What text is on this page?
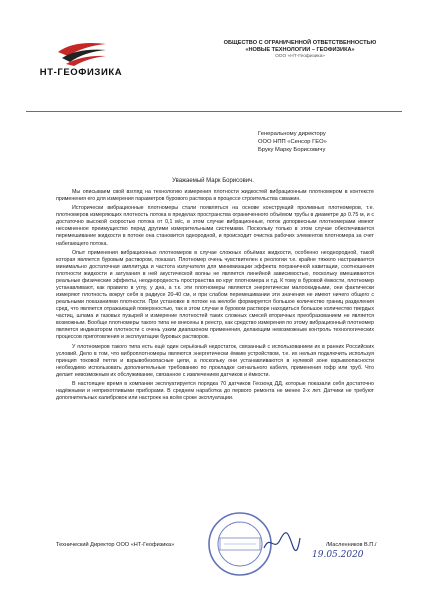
НТ-ГЕОФИЗИКА
ОБЩЕСТВО С ОГРАНИЧЕННОЙ ОТВЕТСТВЕННОСТЬЮ
«НОВЫЕ ТЕХНОЛОГИИ – ГЕОФИЗИКА»
ООО «НТ-Геофизика»
Генеральному директору
ООО НПП «Сенсор ГЕО»
Бруку Марку Борисовичу
Уважаемый Марк Борисович.

Мы описываем свой взгляд на технологию измерения плотности жидкостей вибрационным плотномером в контексте применения его для измерения параметров бурового раствора в процессе строительства скважин.

Исторически вибрационные плотномеры стали появляться на основе конструкций проливных плотномеров, т.е. плотномеров измеряющих плотность потока в пределах пространства ограниченного объёмом трубы в диаметре до 0.75 м, и с достаточно высокой скоростью потока от 0,1 м/с, в этом случае вибрационные, поток допорвесным плотномерами имеют несомненное преимущество перед другими измерительными системами. Поскольку только в этом случае обеспечивается перемешивание жидкости в потоке она становится однородной, и происходит очистка рабочих элементов плотномера за счет набегающего потока.

Опыт применения вибрационных плотномеров в случае сложных объёмах жидкости, особенно неоднородной, такой которая является буровым раствором, показал. Плотномер очень чувствителен к реологии т.е. крайне тяжело настраивается минимально достаточная амплитуда и частота излучателя для минимизации эффекта пограничной кавитации, соотношения плотности жидкости и затухания в ней акустической волны не является линейной зависимостью, поскольку вмешиваются реальные физические эффекты, неоднородность пространства во круг плотномера и т.д. К тому в буровой ёмкости, плотномер устанавливают, как правило в углу, у дна, а т.к. эти плотномеры являются энергетически малоохидными, они фактически измеряют плотность вокруг себя в радиусе 20-40 см, и при слабом перемешивании эти значения не имеют ничего общего с реальными показаниями плотности. При установке в потоке на желобе формируется большое количество границ разделения сред, что является отражающей поверхностью, так в этом случае в буровом растворе находиться большое количество твердых частиц, шлама и газовых пузырей и измерение плотностей таких сложных смесей вторичных преобразованием не является возможным. Вообще плотномеры такого типа не внесены в реестр, как средство измерения по этому вибрационный плотномер является индикатором плотности с очень узким диапазоном применения, делающим невозможным контроль технологических процессов приготовления и эксплуатации буровых растворов.

У плотномеров такого типа есть ещё один серьёзный недостаток, связанный с использованием их в ранних Российских условий. Дело в том, что виброплотномеры являются энергетически ёмким устройством, т.е. их нельзя подключить используя принцип токовой петли и взрывобезопасные цепи, а поскольку они устанавливаются в нулевой зоне взрывоопасности необходимо использовать дополнительные требованию по прокладке сигнального кабеля, применения гофр или труб. Что делает невозможным их обслуживание, связанное с извлечением датчиков и ёмкости.

В настоящее время в компании эксплуатируется порядка 70 датчиков Геозонд ДД, которые показали себя достаточно надёжными и неприхотливыми приборами. В среднем наработка до первого ремонта не менее 2-х лет. Датчики не требуют дополнительных калибровок или настроек на всём сроке эксплуатации.

Технический Директор ООО «НТ-Геофизика»	/Масленников В.П./
19.05.2020
